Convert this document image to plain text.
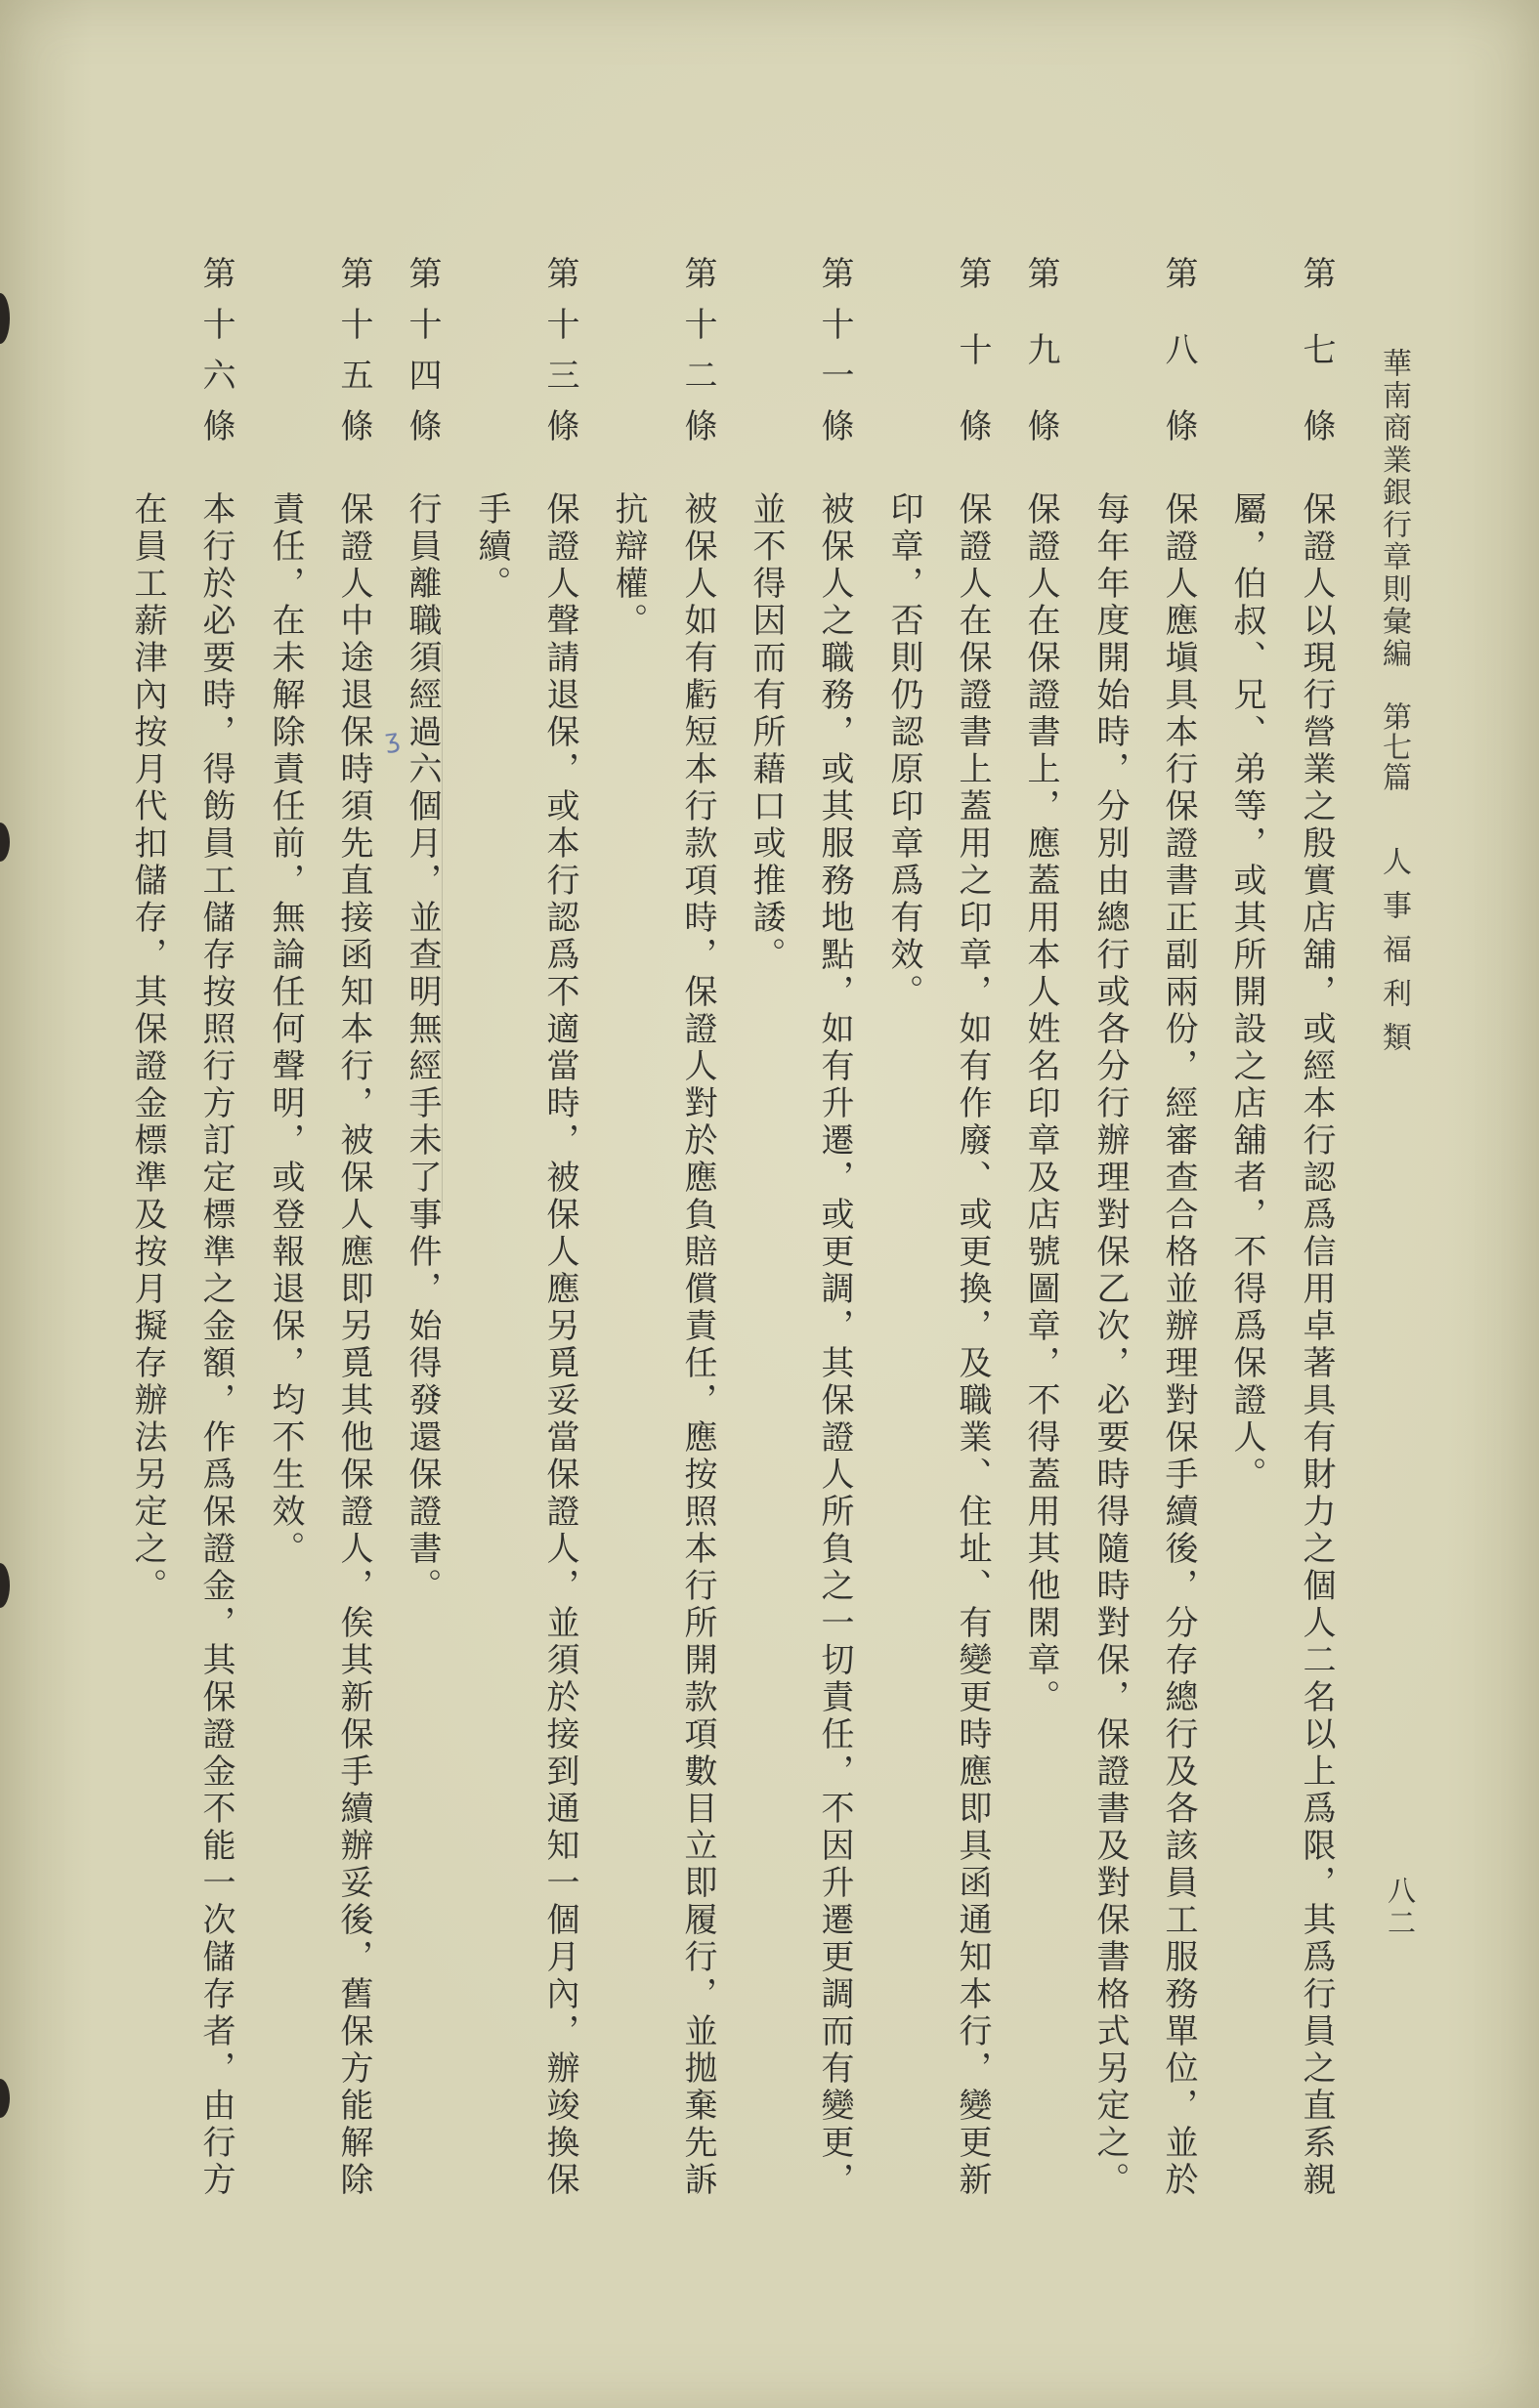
華南商業銀行章則彙編
第七篇
人事福利類
八二
第七條
保證人以現行營業之殷實店舖，或經本行認爲信用卓著具有財力之個人二名以上爲限，其爲行員之直系親
屬，伯叔、兄、弟等，或其所開設之店舖者，不得爲保證人。
第八條
保證人應塡具本行保證書正副兩份，經審查合格並辦理對保手續後，分存總行及各該員工服務單位，並於
每年年度開始時，分別由總行或各分行辦理對保乙次，必要時得隨時對保，保證書及對保書格式另定之。
第九條
保證人在保證書上，應蓋用本人姓名印章及店號圖章，不得蓋用其他閑章。
第十條
保證人在保證書上蓋用之印章，如有作廢、或更換，及職業、住址、有變更時應即具函通知本行，變更新
印章，否則仍認原印章爲有效。
第十一條
被保人之職務，或其服務地點，如有升遷，或更調，其保證人所負之一切責任，不因升遷更調而有變更，
並不得因而有所藉口或推諉。
第十二條
被保人如有虧短本行款項時，保證人對於應負賠償責任，應按照本行所開款項數目立即履行，並拋棄先訴
抗辯權。
第十三條
保證人聲請退保，或本行認爲不適當時，被保人應另覓妥當保證人，並須於接到通知一個月內，辦竣換保
手續。
第十四條
行員離職須經過六個月，並查明無經手未了事件，始得發還保證書。
ʒ
第十五條
保證人中途退保時須先直接函知本行，被保人應即另覓其他保證人，俟其新保手續辦妥後，舊保方能解除
責任，在未解除責任前，無論任何聲明，或登報退保，均不生效。
第十六條
本行於必要時，得飭員工儲存按照行方訂定標準之金額，作爲保證金，其保證金不能一次儲存者，由行方
在員工薪津內按月代扣儲存，其保證金標準及按月擬存辦法另定之。
